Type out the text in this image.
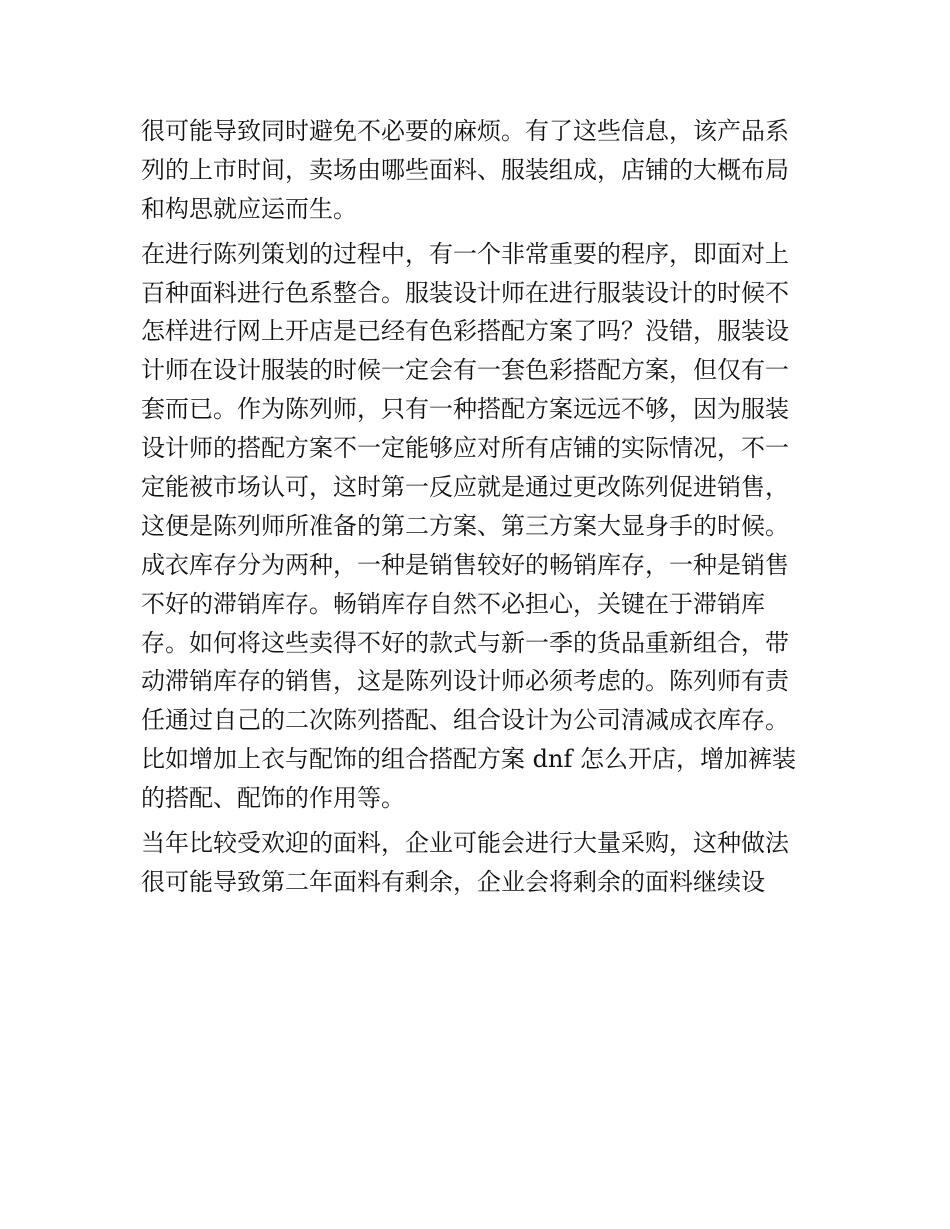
很可能导致同时避免不必要的麻烦。有了这些信息，该产品系
列的上市时间，卖场由哪些面料、服装组成，店铺的大概布局
和构思就应运而生。
在进行陈列策划的过程中，有一个非常重要的程序，即面对上
百种面料进行色系整合。服装设计师在进行服装设计的时候不
怎样进行网上开店是已经有色彩搭配方案了吗？没错，服装设
计师在设计服装的时候一定会有一套色彩搭配方案，但仅有一
套而已。作为陈列师，只有一种搭配方案远远不够，因为服装
设计师的搭配方案不一定能够应对所有店铺的实际情况，不一
定能被市场认可，这时第一反应就是通过更改陈列促进销售，
这便是陈列师所准备的第二方案、第三方案大显身手的时候。
成衣库存分为两种，一种是销售较好的畅销库存，一种是销售
不好的滞销库存。畅销库存自然不必担心，关键在于滞销库
存。如何将这些卖得不好的款式与新一季的货品重新组合，带
动滞销库存的销售，这是陈列设计师必须考虑的。陈列师有责
任通过自己的二次陈列搭配、组合设计为公司清减成衣库存。
比如增加上衣与配饰的组合搭配方案 dnf 怎么开店，增加裤装
的搭配、配饰的作用等。
当年比较受欢迎的面料，企业可能会进行大量采购，这种做法
很可能导致第二年面料有剩余，企业会将剩余的面料继续设
